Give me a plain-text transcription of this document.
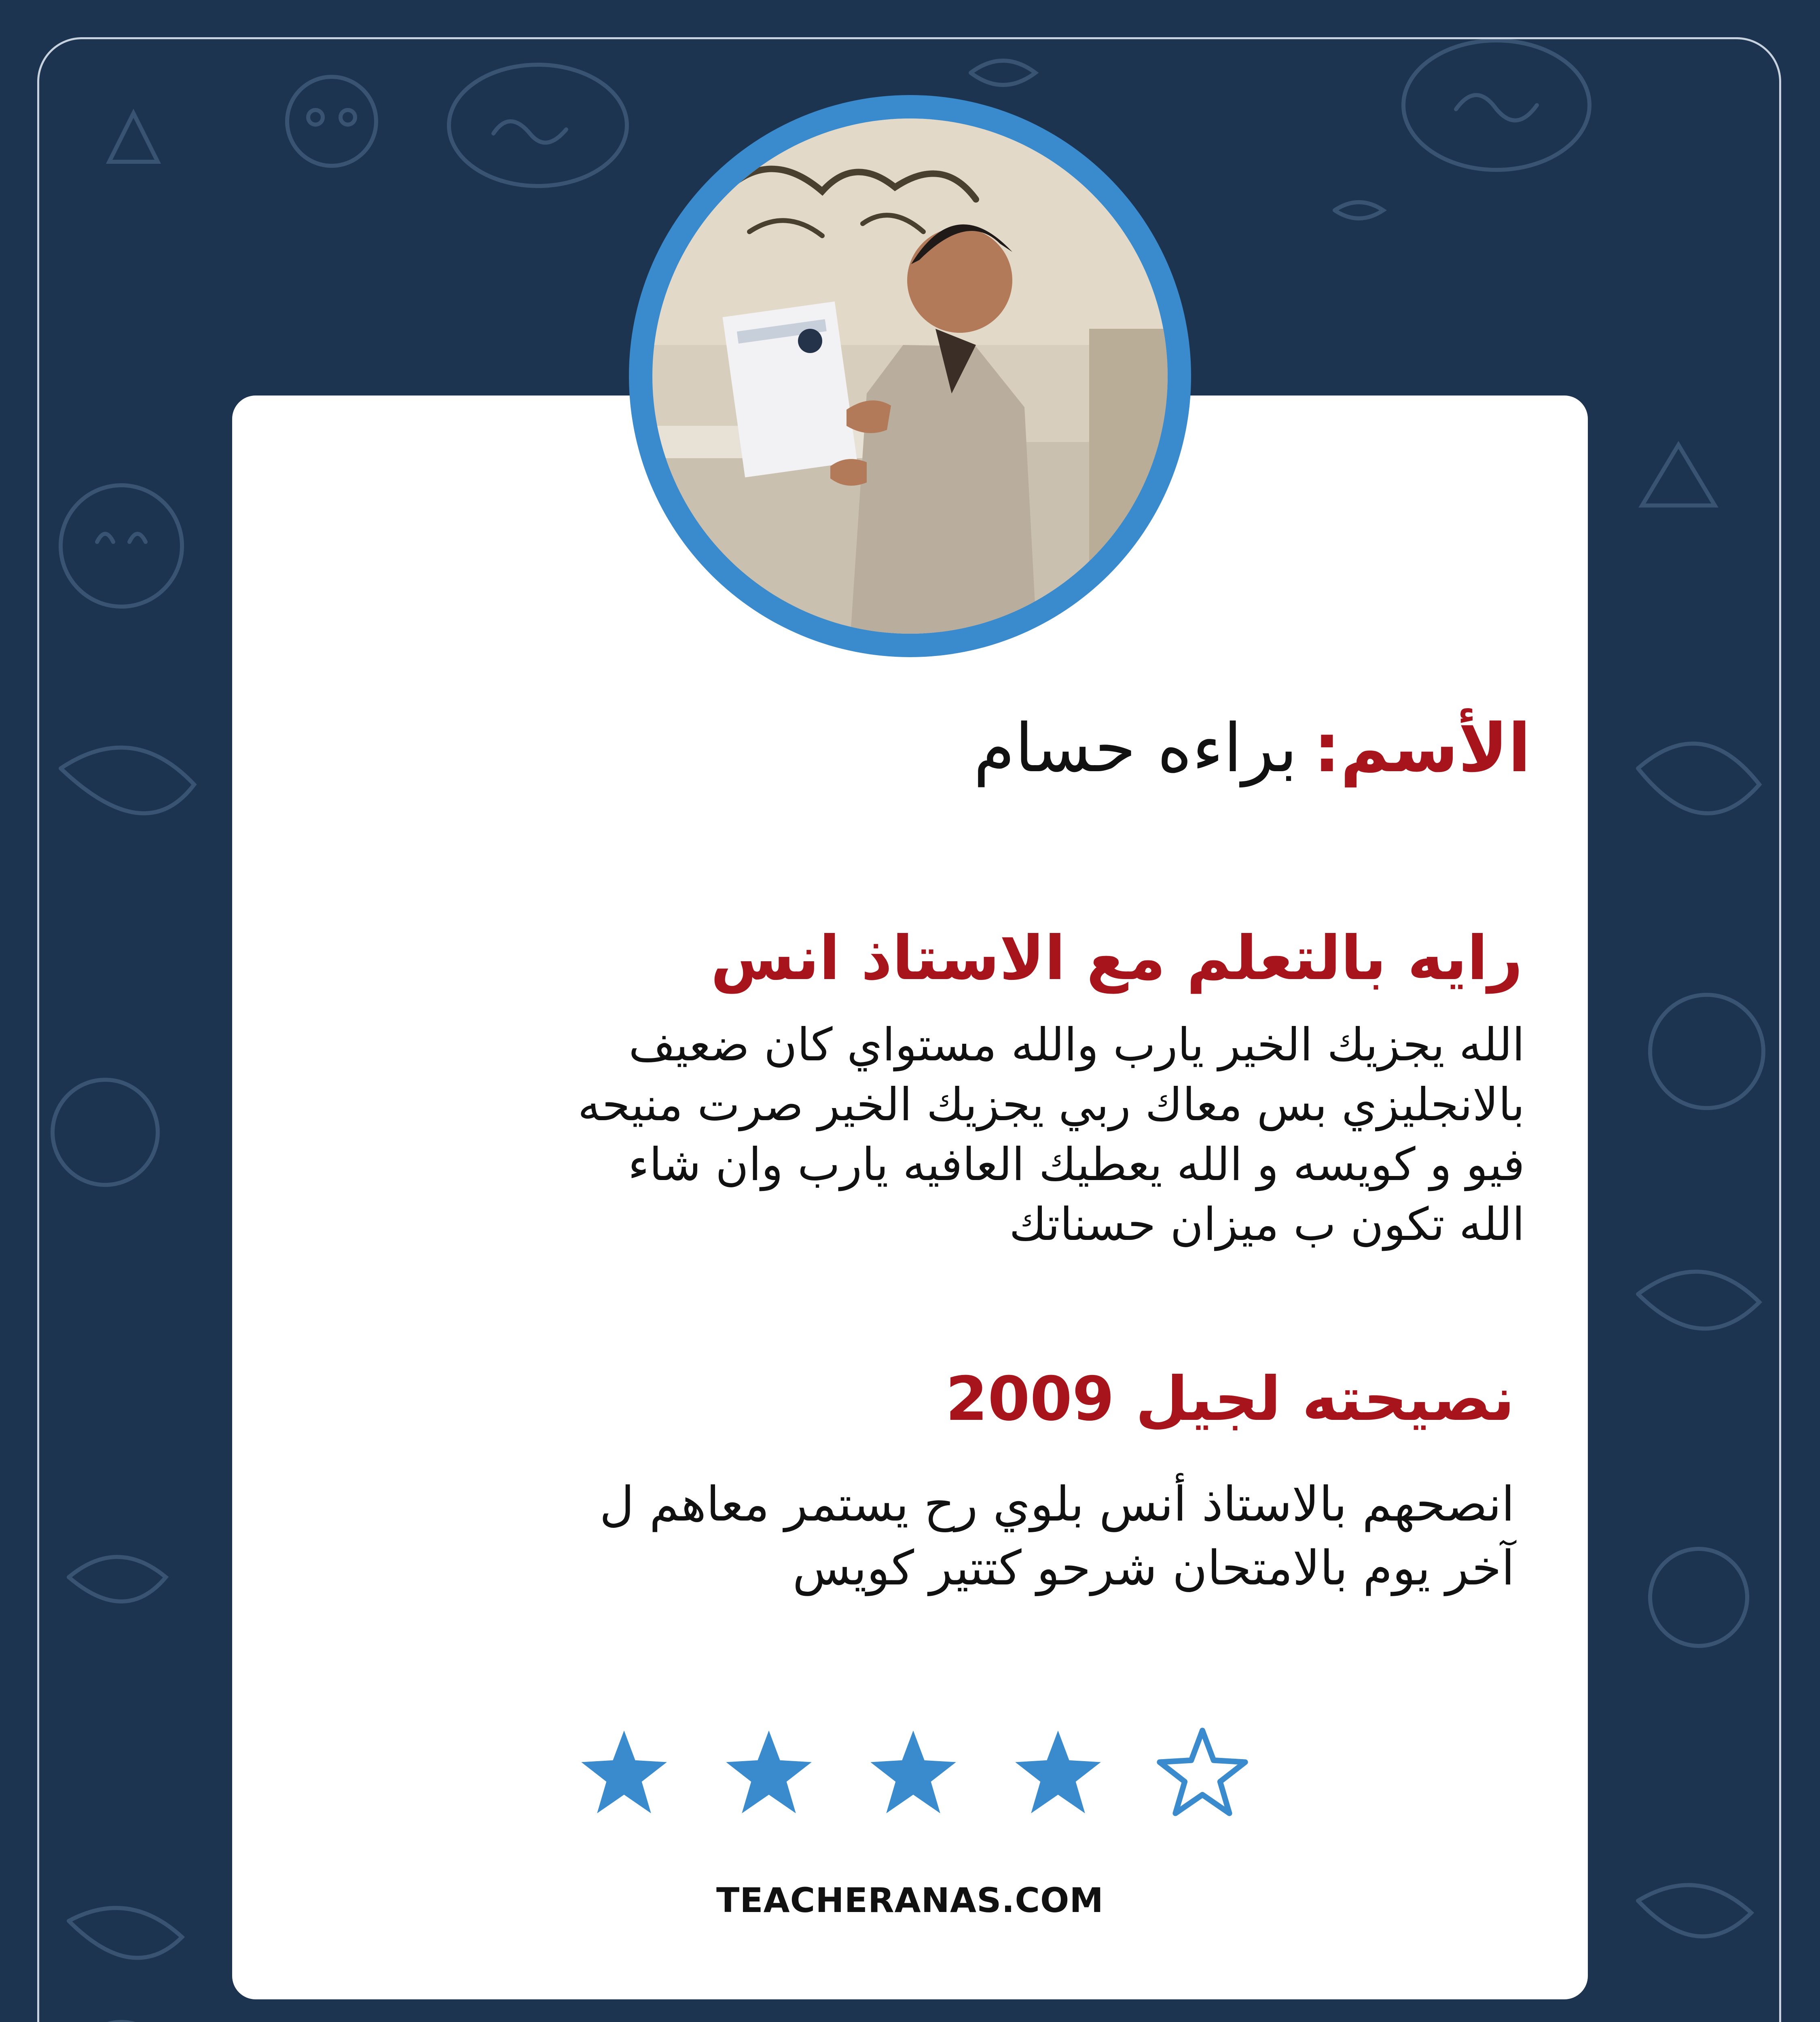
الأسم:براءه حسام
رايه بالتعلم مع الاستاذ انس
الله يجزيك الخير يارب والله مستواي كان ضعيف
بالانجليزي بس معاك ربي يجزيك الخير صرت منيحه
فيو و كويسه و الله يعطيك العافيه يارب وان شاء
الله تكون ب ميزان حسناتك
نصيحته لجيل 2009
انصحهم بالاستاذ أنس بلوي رح يستمر معاهم ل
آخر يوم بالامتحان شرحو كتتير كويس
TEACHERANAS.COM
